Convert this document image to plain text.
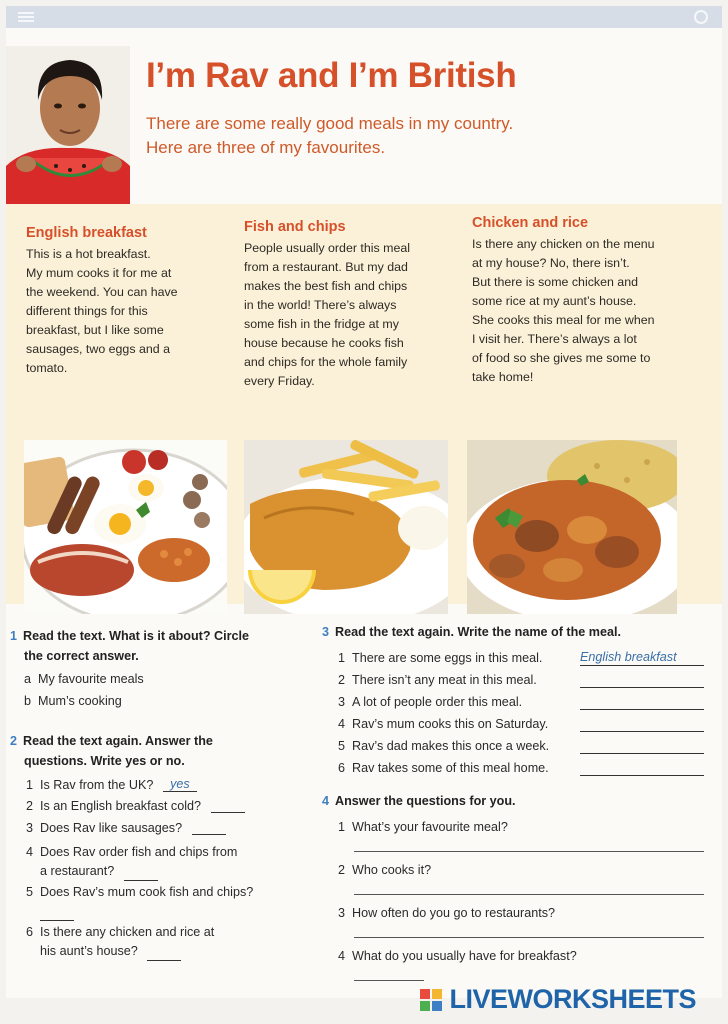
I’m Rav and I’m British
There are some really good meals in my country.
Here are three of my favourites.
English breakfast
This is a hot breakfast.
My mum cooks it for me at
the weekend. You can have
different things for this
breakfast, but I like some
sausages, two eggs and a
tomato.
Fish and chips
People usually order this meal
from a restaurant. But my dad
makes the best fish and chips
in the world! There’s always
some fish in the fridge at my
house because he cooks fish
and chips for the whole family
every Friday.
Chicken and rice
Is there any chicken on the menu
at my house? No, there isn’t.
But there is some chicken and
some rice at my aunt’s house.
She cooks this meal for me when
I visit her. There’s always a lot
of food so she gives me some to
take home!
1 Read the text. What is it about? Circle
the correct answer.
a My favourite meals
b Mum’s cooking
2 Read the text again. Answer the
questions. Write yes or no.
1 Is Rav from the UK? yes
2 Is an English breakfast cold?
3 Does Rav like sausages?
4 Does Rav order fish and chips from
a restaurant?
5 Does Rav’s mum cook fish and chips?
6 Is there any chicken and rice at
his aunt’s house?
3 Read the text again. Write the name of the meal.
1 There are some eggs in this meal.	English breakfast
2 There isn’t any meat in this meal.
3 A lot of people order this meal.
4 Rav’s mum cooks this on Saturday.
5 Rav’s dad makes this once a week.
6 Rav takes some of this meal home.
4 Answer the questions for you.
1 What’s your favourite meal?
2 Who cooks it?
3 How often do you go to restaurants?
4 What do you usually have for breakfast?
LIVEWORKSHEETS
